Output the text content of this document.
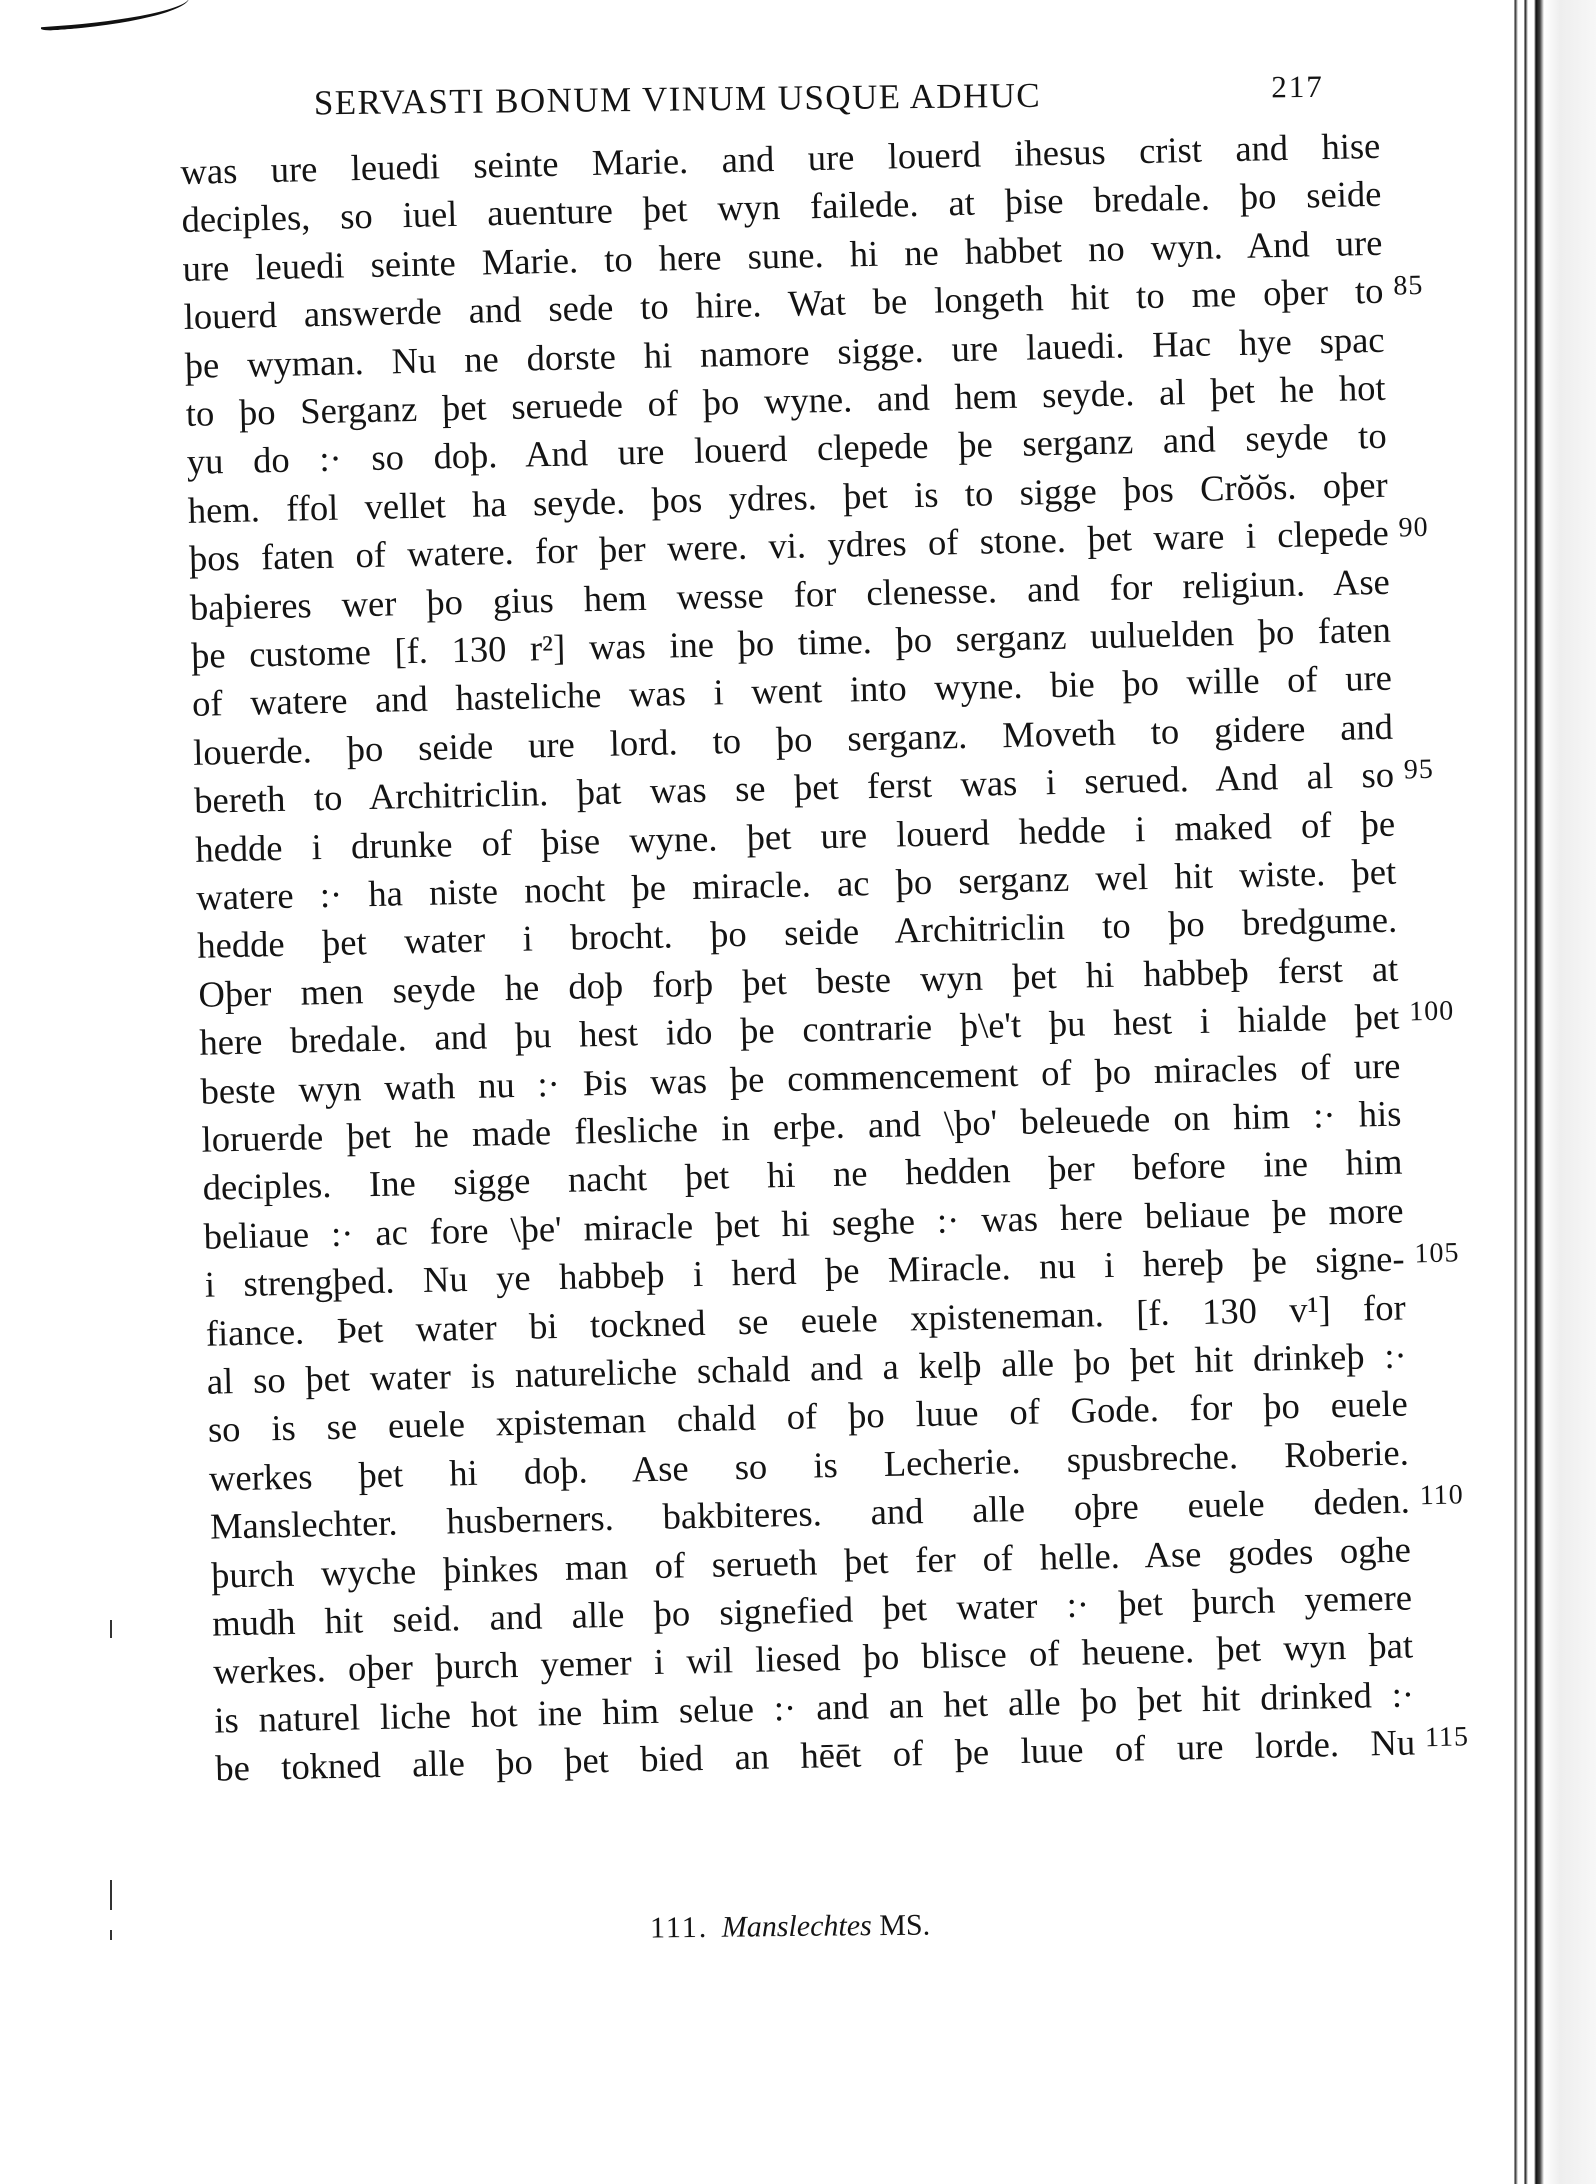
SERVASTI BONUM VINUM USQUE ADHUC	217
was ure leuedi seinte Marie. and ure louerd ihesus crist and hise
deciples, so iuel auenture þet wyn failede. at þise bredale. þo seide
ure leuedi seinte Marie. to here sune. hi ne habbet no wyn. And ure
louerd answerde and sede to hire. Wat be longeth hit to me oþer to
þe wyman. Nu ne dorste hi namore sigge. ure lauedi. Hac hye spac
to þo Serganz þet seruede of þo wyne. and hem seyde. al þet he hot
yu do :· so doþ. And ure louerd clepede þe serganz and seyde to
hem. ffol vellet ha seyde. þos ydres. þet is to sigge þos Crŏŏs. oþer
þos faten of watere. for þer were. vi. ydres of stone. þet ware i clepede
baþieres wer þo gius hem wesse for clenesse. and for religiun. Ase
þe custome [f. 130 r²] was ine þo time. þo serganz uuluelden þo faten
of watere and hasteliche was i went into wyne. bie þo wille of ure
louerde. þo seide ure lord. to þo serganz. Moveth to gidere and
bereth to Architriclin. þat was se þet ferst was i serued. And al so
hedde i drunke of þise wyne. þet ure louerd hedde i maked of þe
watere :· ha niste nocht þe miracle. ac þo serganz wel hit wiste. þet
hedde þet water i brocht. þo seide Architriclin to þo bredgume.
Oþer men seyde he doþ forþ þet beste wyn þet hi habbeþ ferst at
here bredale. and þu hest ido þe contrarie þ\e't þu hest i hialde þet
beste wyn wath nu :· Þis was þe commencement of þo miracles of ure
loruerde þet he made flesliche in erþe. and \þo' beleuede on him :· his
deciples. Ine sigge nacht þet hi ne hedden þer before ine him
beliaue :· ac fore \þe' miracle þet hi seghe :· was here beliaue þe more
i strengþed. Nu ye habbeþ i herd þe Miracle. nu i hereþ þe signe-
fiance. Þet water bi tockned se euele xpisteneman. [f. 130 v¹] for
al so þet water is natureliche schald and a kelþ alle þo þet hit drinkeþ :·
so is se euele xpisteman chald of þo luue of Gode. for þo euele
werkes þet hi doþ. Ase so is Lecherie. spusbreche. Roberie.
Manslechter. husberners. bakbiteres. and alle oþre euele deden.
þurch wyche þinkes man of serueth þet fer of helle. Ase godes oghe
mudh hit seid. and alle þo signefied þet water :· þet þurch yemere
werkes. oþer þurch yemer i wil liesed þo blisce of heuene. þet wyn þat
is naturel liche hot ine him selue :· and an het alle þo þet hit drinked :·
be tokned alle þo þet bied an hēēt of þe luue of ure lorde. Nu
85
90
95
100
105
110
115
111. Manslechtes MS.
